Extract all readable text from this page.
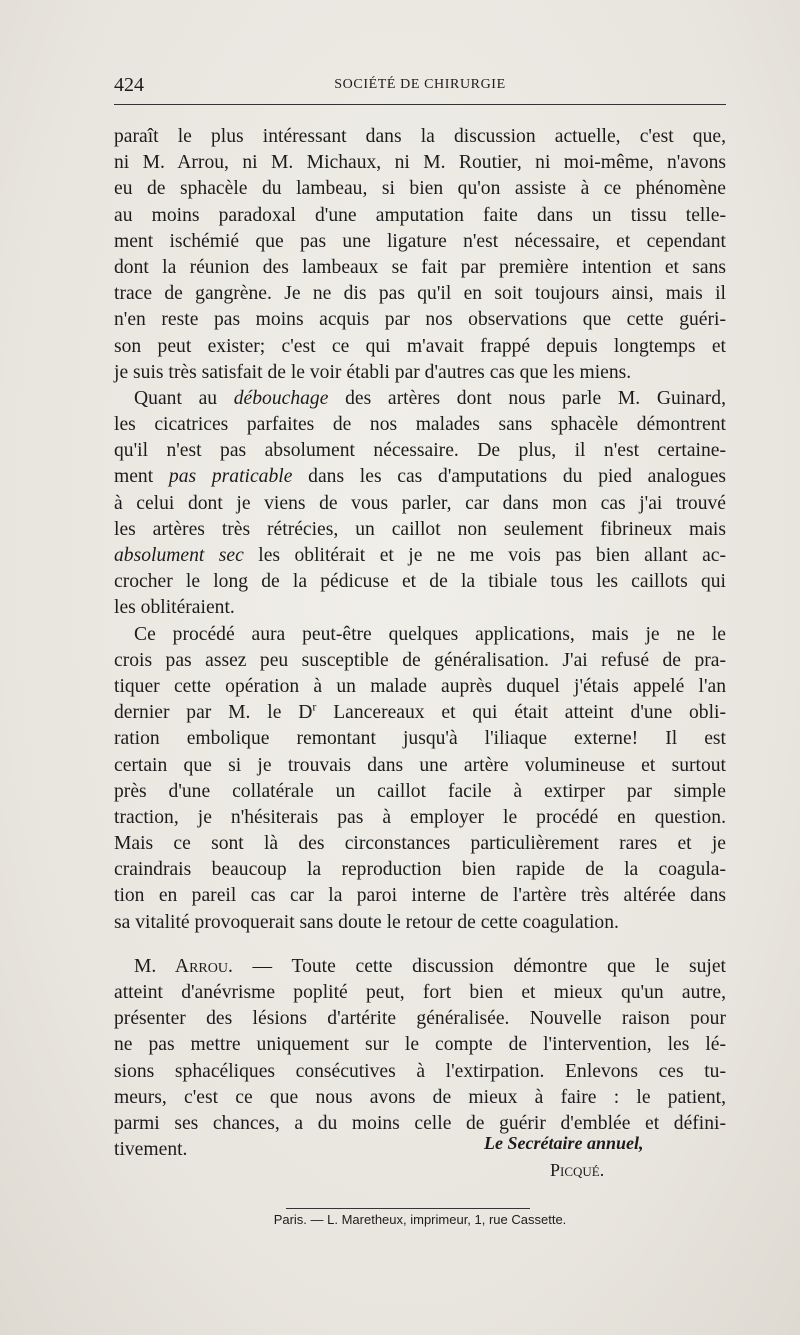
424	SOCIÉTÉ DE CHIRURGIE
paraît le plus intéressant dans la discussion actuelle, c'est que,
ni M. Arrou, ni M. Michaux, ni M. Routier, ni moi-même, n'avons
eu de sphacèle du lambeau, si bien qu'on assiste à ce phénomène
au moins paradoxal d'une amputation faite dans un tissu telle-
ment ischémié que pas une ligature n'est nécessaire, et cependant
dont la réunion des lambeaux se fait par première intention et sans
trace de gangrène. Je ne dis pas qu'il en soit toujours ainsi, mais il
n'en reste pas moins acquis par nos observations que cette guéri-
son peut exister; c'est ce qui m'avait frappé depuis longtemps et
je suis très satisfait de le voir établi par d'autres cas que les miens.
Quant au débouchage des artères dont nous parle M. Guinard,
les cicatrices parfaites de nos malades sans sphacèle démontrent
qu'il n'est pas absolument nécessaire. De plus, il n'est certaine-
ment pas praticable dans les cas d'amputations du pied analogues
à celui dont je viens de vous parler, car dans mon cas j'ai trouvé
les artères très rétrécies, un caillot non seulement fibrineux mais
absolument sec les oblitérait et je ne me vois pas bien allant ac-
crocher le long de la pédicuse et de la tibiale tous les caillots qui
les oblitéraient.
Ce procédé aura peut-être quelques applications, mais je ne le
crois pas assez peu susceptible de généralisation. J'ai refusé de pra-
tiquer cette opération à un malade auprès duquel j'étais appelé l'an
dernier par M. le $D^r$ Lancereaux et qui était atteint d'une obli-
ration embolique remontant jusqu'à l'iliaque externe! Il est
certain que si je trouvais dans une artère volumineuse et surtout
près d'une collatérale un caillot facile à extirper par simple
traction, je n'hésiterais pas à employer le procédé en question.
Mais ce sont là des circonstances particulièrement rares et je
craindrais beaucoup la reproduction bien rapide de la coagula-
tion en pareil cas car la paroi interne de l'artère très altérée dans
sa vitalité provoquerait sans doute le retour de cette coagulation.
M. Arrou. — Toute cette discussion démontre que le sujet
atteint d'anévrisme poplité peut, fort bien et mieux qu'un autre,
présenter des lésions d'artérite généralisée. Nouvelle raison pour
ne pas mettre uniquement sur le compte de l'intervention, les lé-
sions sphacéliques consécutives à l'extirpation. Enlevons ces tu-
meurs, c'est ce que nous avons de mieux à faire : le patient,
parmi ses chances, a du moins celle de guérir d'emblée et défini-
tivement.	Le Secrétaire annuel,
Picqué.
Paris. — L. Maretheux, imprimeur, 1, rue Cassette.
